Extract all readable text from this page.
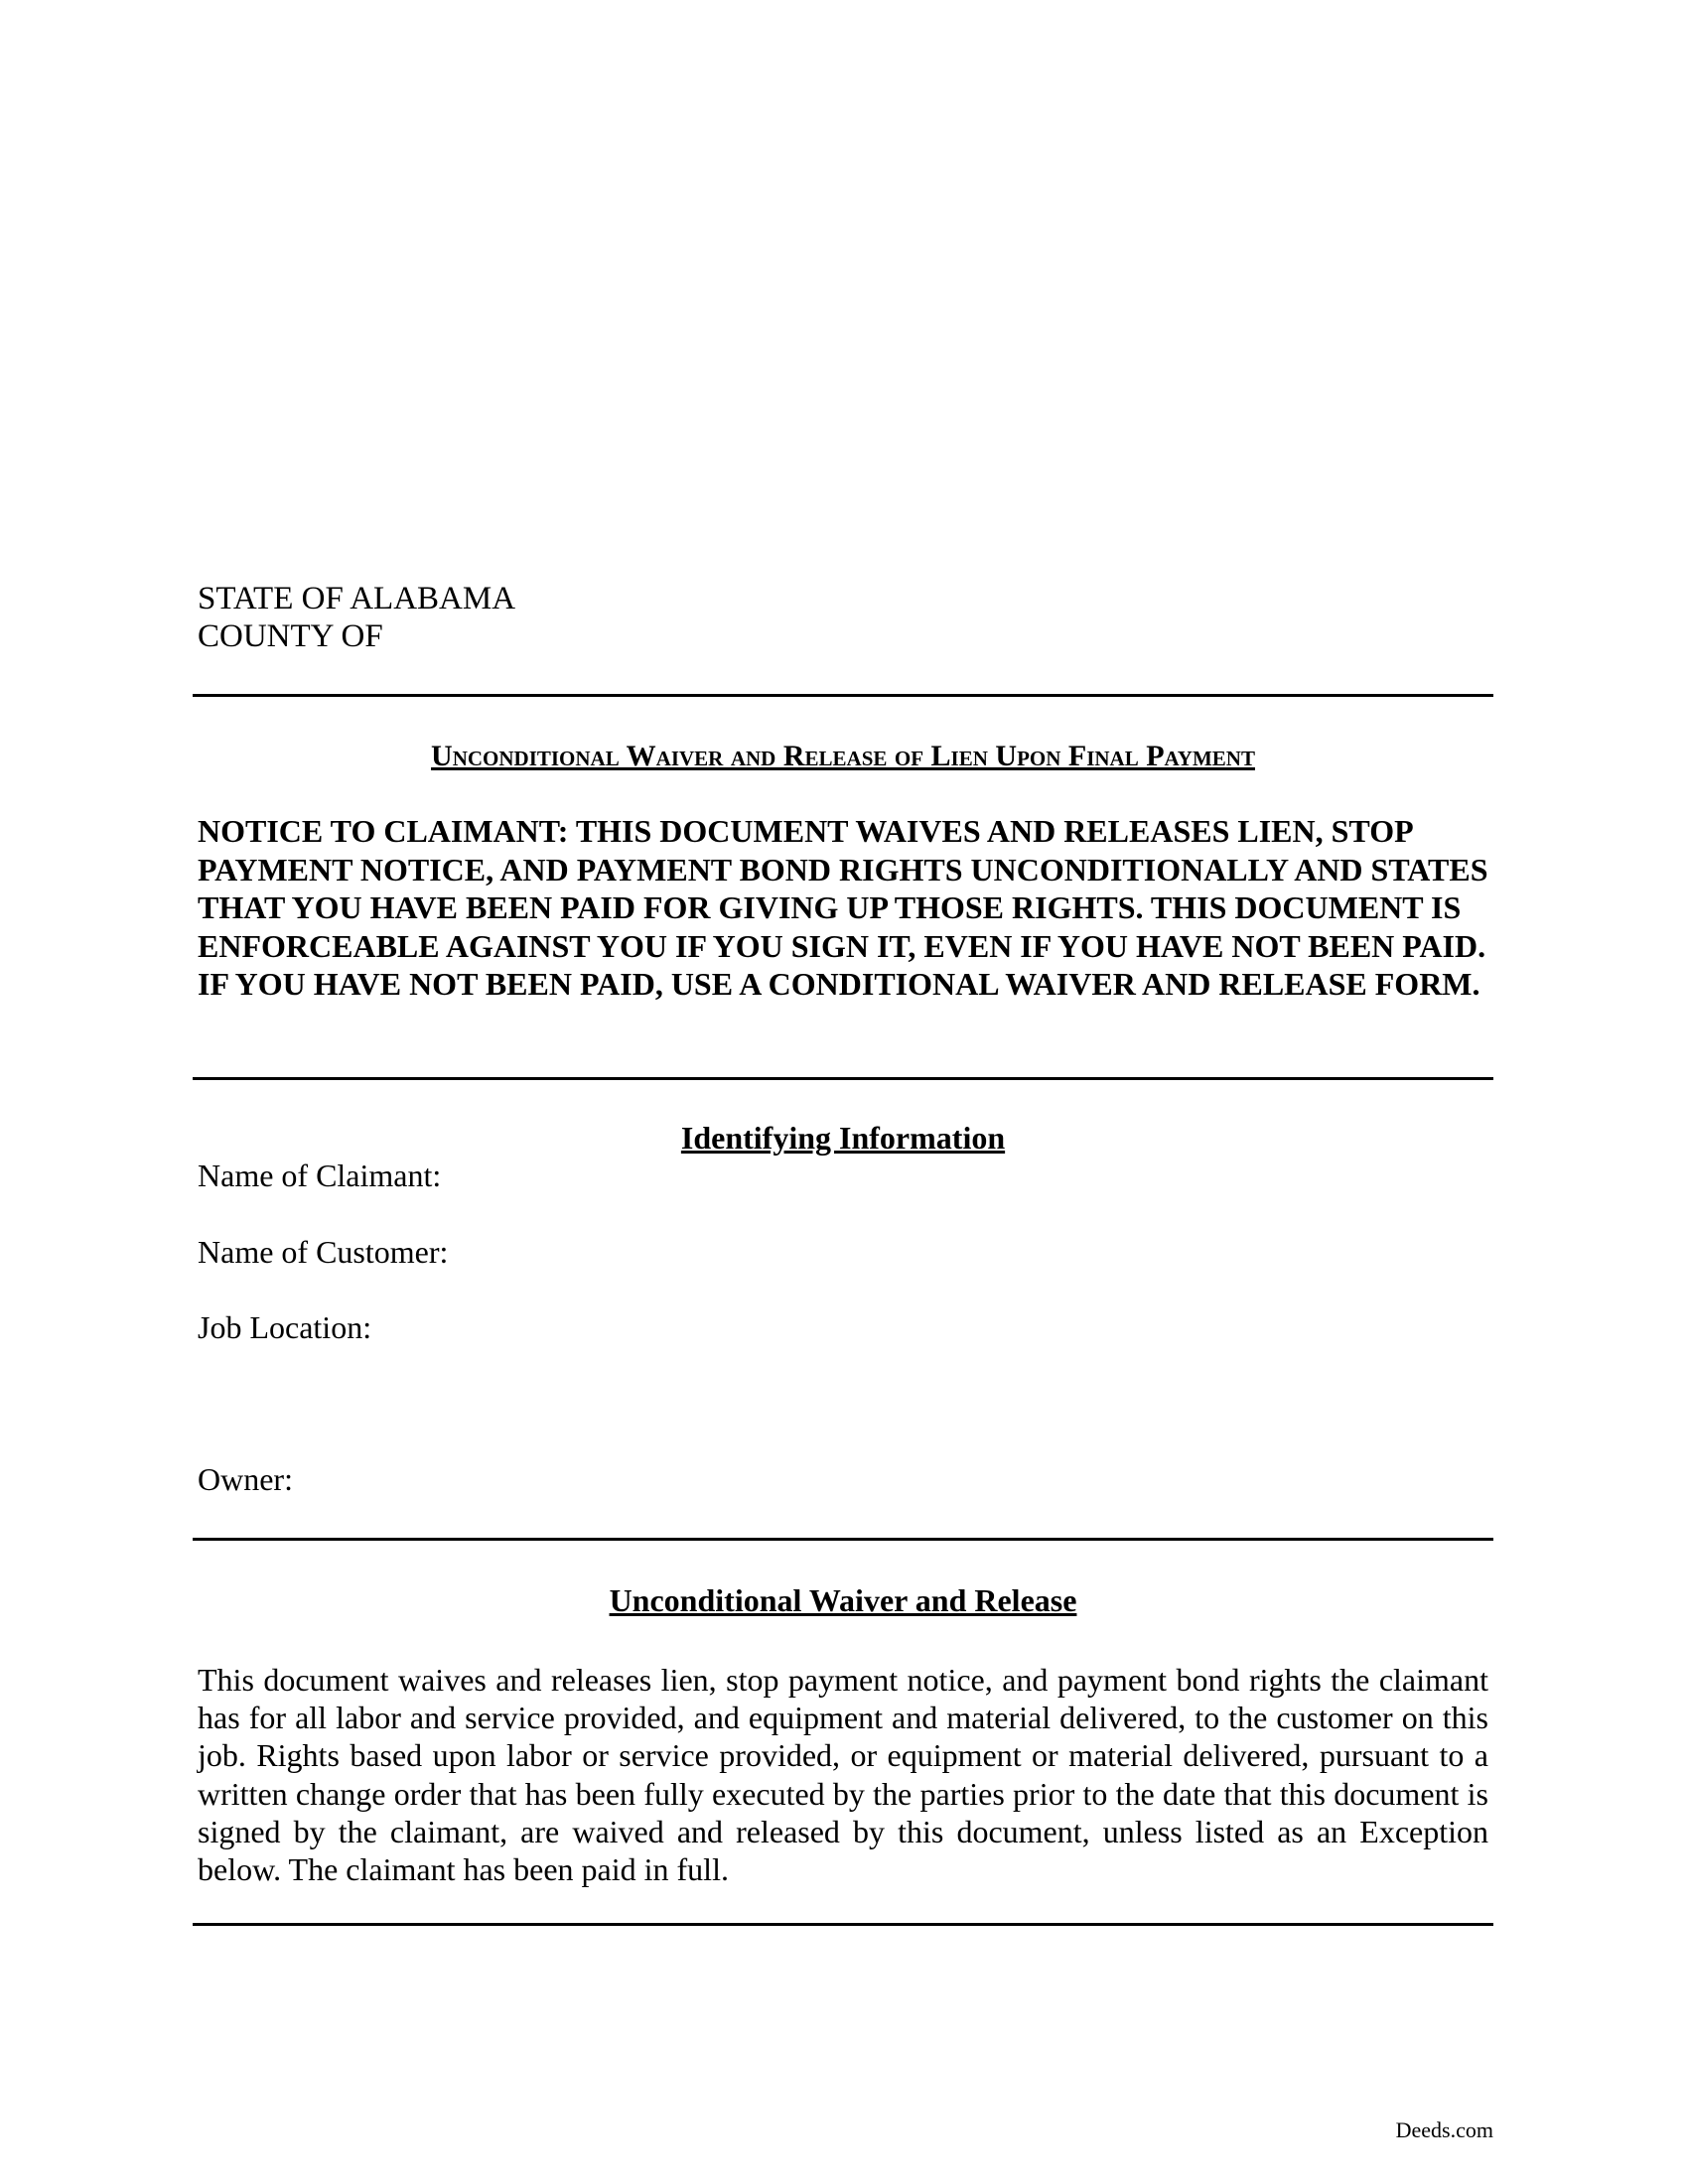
STATE OF ALABAMA
COUNTY OF
Unconditional Waiver and Release of Lien Upon Final Payment
NOTICE TO CLAIMANT: THIS DOCUMENT WAIVES AND RELEASES LIEN, STOP PAYMENT NOTICE, AND PAYMENT BOND RIGHTS UNCONDITIONALLY AND STATES THAT YOU HAVE BEEN PAID FOR GIVING UP THOSE RIGHTS. THIS DOCUMENT IS ENFORCEABLE AGAINST YOU IF YOU SIGN IT, EVEN IF YOU HAVE NOT BEEN PAID. IF YOU HAVE NOT BEEN PAID, USE A CONDITIONAL WAIVER AND RELEASE FORM.
Identifying Information
Name of Claimant:
Name of Customer:
Job Location:
Owner:
Unconditional Waiver and Release
This document waives and releases lien, stop payment notice, and payment bond rights the claimant has for all labor and service provided, and equipment and material delivered, to the customer on this job. Rights based upon labor or service provided, or equipment or material delivered, pursuant to a written change order that has been fully executed by the parties prior to the date that this document is signed by the claimant, are waived and released by this document, unless listed as an Exception below. The claimant has been paid in full.
Deeds.com
